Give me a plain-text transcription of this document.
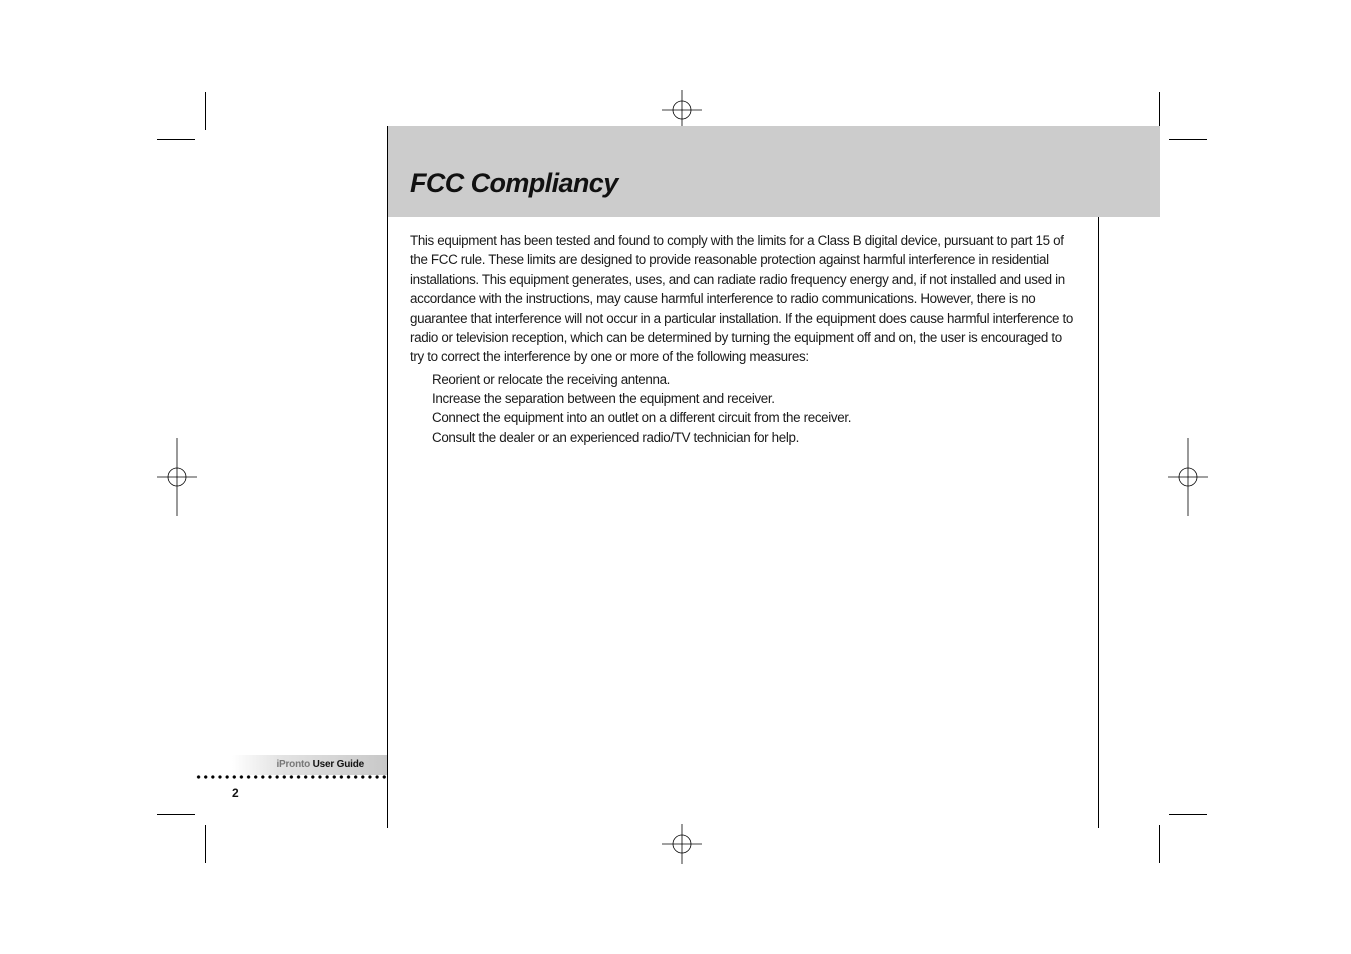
FCC Compliancy

This equipment has been tested and found to comply with the limits for a Class B digital device, pursuant to part 15 of the FCC rule. These limits are designed to provide reasonable protection against harmful interference in residential installations. This equipment generates, uses, and can radiate radio frequency energy and, if not installed and used in accordance with the instructions, may cause harmful interference to radio communications. However, there is no guarantee that interference will not occur in a particular installation. If the equipment does cause harmful interference to radio or television reception, which can be determined by turning the equipment off and on, the user is encouraged to try to correct the interference by one or more of the following measures:

Reorient or relocate the receiving antenna.
Increase the separation between the equipment and receiver.
Connect the equipment into an outlet on a different circuit from the receiver.
Consult the dealer or an experienced radio/TV technician for help.
iPronto User Guide
2
